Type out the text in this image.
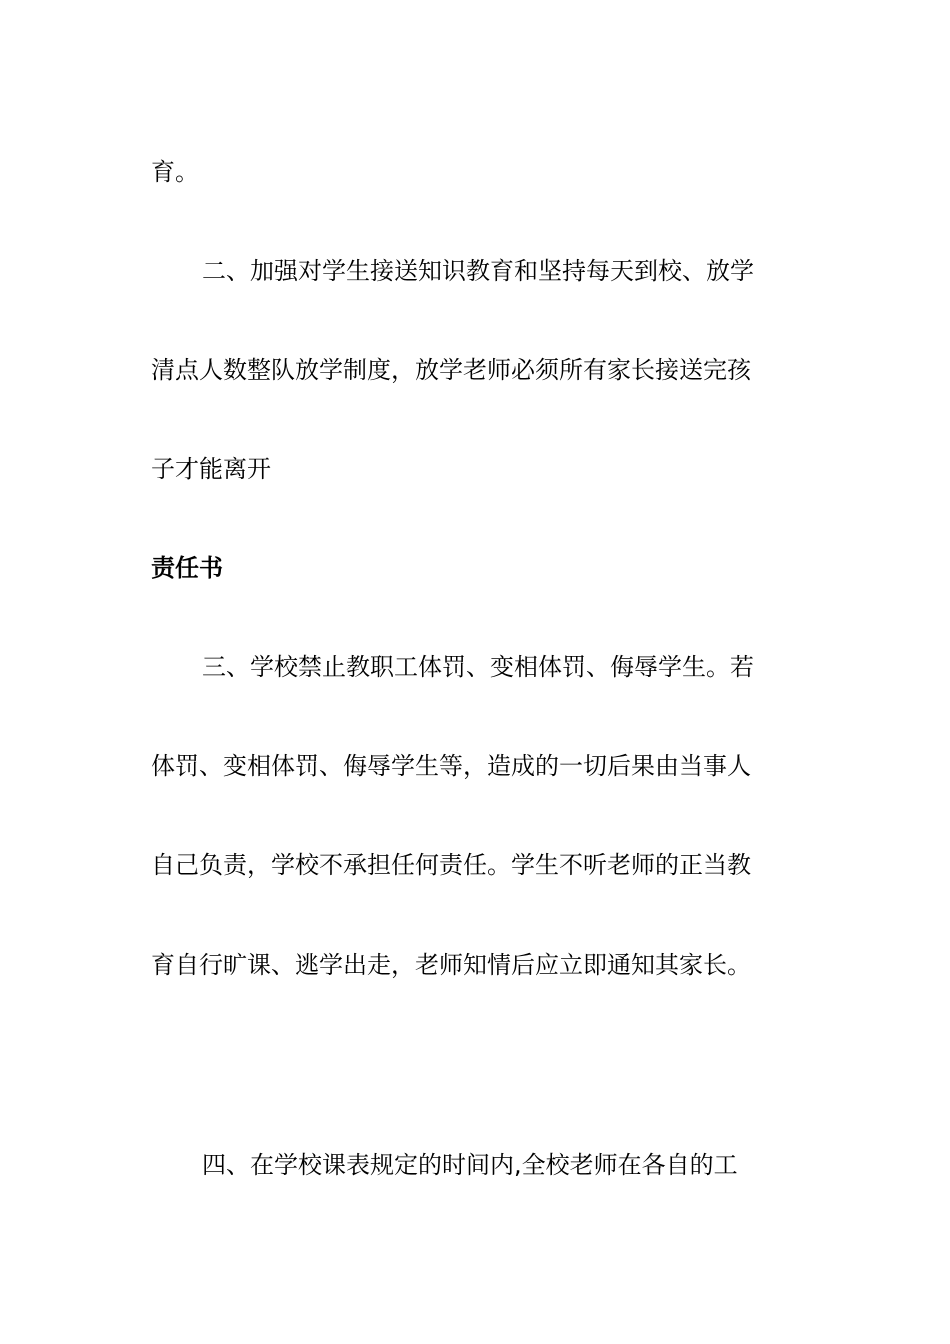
育。

二、加强对学生接送知识教育和坚持每天到校、放学

清点人数整队放学制度，放学老师必须所有家长接送完孩

子才能离开

责任书

三、学校禁止教职工体罚、变相体罚、侮辱学生。若

体罚、变相体罚、侮辱学生等，造成的一切后果由当事人

自己负责，学校不承担任何责任。学生不听老师的正当教

育自行旷课、逃学出走，老师知情后应立即通知其家长。

四、在学校课表规定的时间内,全校老师在各自的工
